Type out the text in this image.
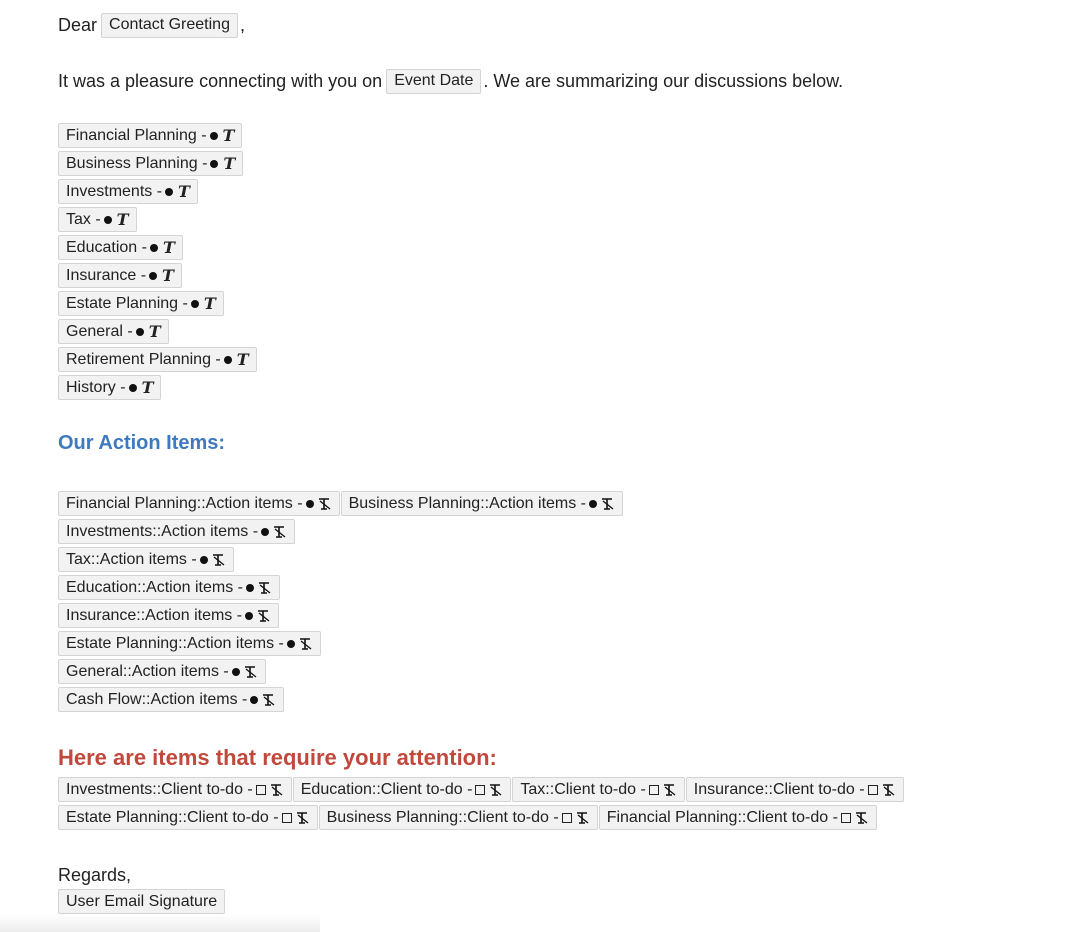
Dear Contact Greeting ,
It was a pleasure connecting with you on Event Date . We are summarizing our discussions below.
Financial Planning - T
Business Planning - T
Investments - T
Tax - T
Education - T
Insurance - T
Estate Planning - T
General - T
Retirement Planning - T
History - T
Our Action Items:
Financial Planning::Action items -	Business Planning::Action items -
Investments::Action items -
Tax::Action items -
Education::Action items -
Insurance::Action items -
Estate Planning::Action items -
General::Action items -
Cash Flow::Action items -
Here are items that require your attention:
Investments::Client to-do -	Education::Client to-do -	Tax::Client to-do -	Insurance::Client to-do -
Estate Planning::Client to-do -	Business Planning::Client to-do -	Financial Planning::Client to-do -
Regards,
User Email Signature
